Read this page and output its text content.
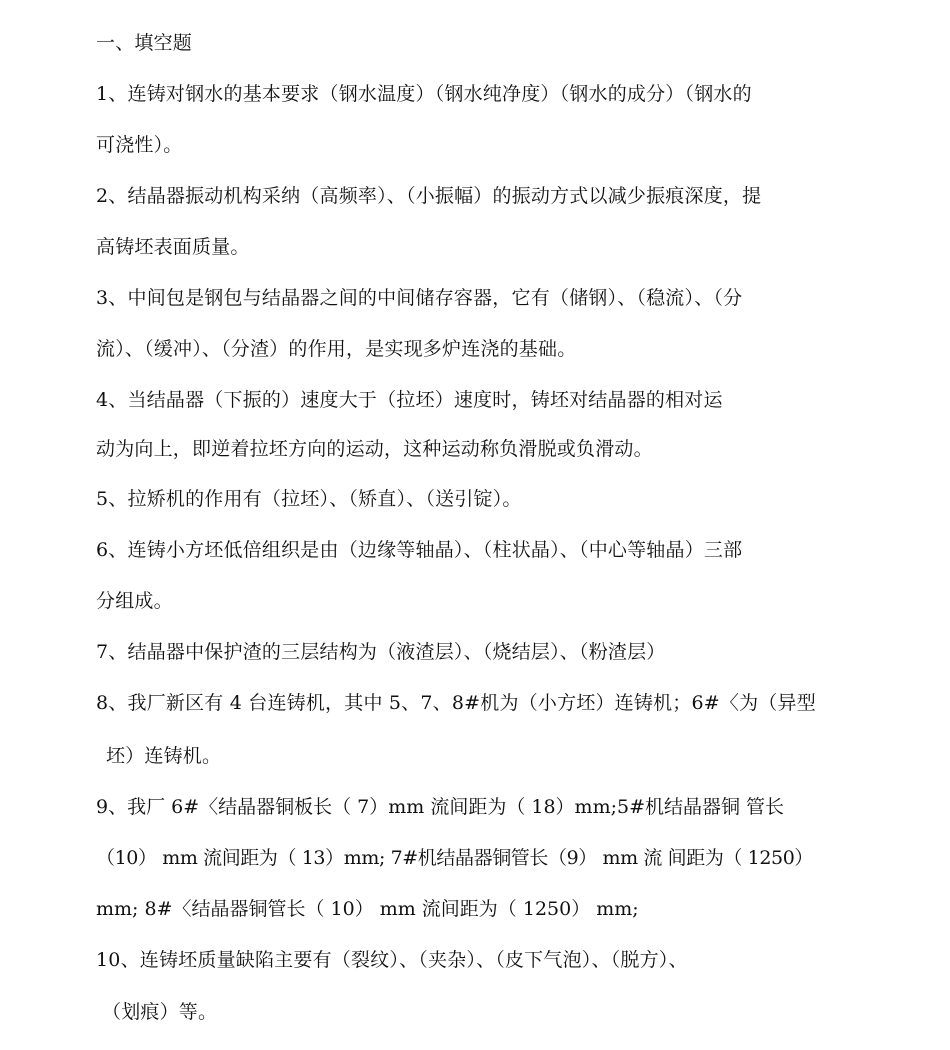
一、填空题
1、连铸对钢水的基本要求（钢水温度）（钢水纯净度）（钢水的成分）（钢水的
可浇性）。
2、结晶器振动机构采纳（高频率）、（小振幅）的振动方式以减少振痕深度，提
高铸坯表面质量。
3、中间包是钢包与结晶器之间的中间储存容器，它有（储钢）、（稳流）、（分
流）、（缓冲）、（分渣）的作用，是实现多炉连浇的基础。
4、当结晶器（下振的）速度大于（拉坯）速度时，铸坯对结晶器的相对运
动为向上，即逆着拉坯方向的运动，这种运动称负滑脱或负滑动。
5、拉矫机的作用有（拉坯）、（矫直）、（送引锭）。
6、连铸小方坯低倍组织是由（边缘等轴晶）、（柱状晶）、（中心等轴晶）三部
分组成。
7、结晶器中保护渣的三层结构为（液渣层）、（烧结层）、（粉渣层）
8、我厂新区有 4 台连铸机，其中 5、7、8#机为（小方坯）连铸机；6#〈为（异型
坯）连铸机。
9、我厂 6#〈结晶器铜板长（ 7）mm 流间距为（ 18）mm;5#机结晶器铜 管长
（10） mm 流间距为（ 13）mm; 7#机结晶器铜管长（9） mm 流 间距为（ 1250）
mm; 8#〈结晶器铜管长（ 10） mm 流间距为（ 1250） mm;
10、连铸坯质量缺陷主要有（裂纹）、（夹杂）、（皮下气泡）、（脱方）、
（划痕）等。
